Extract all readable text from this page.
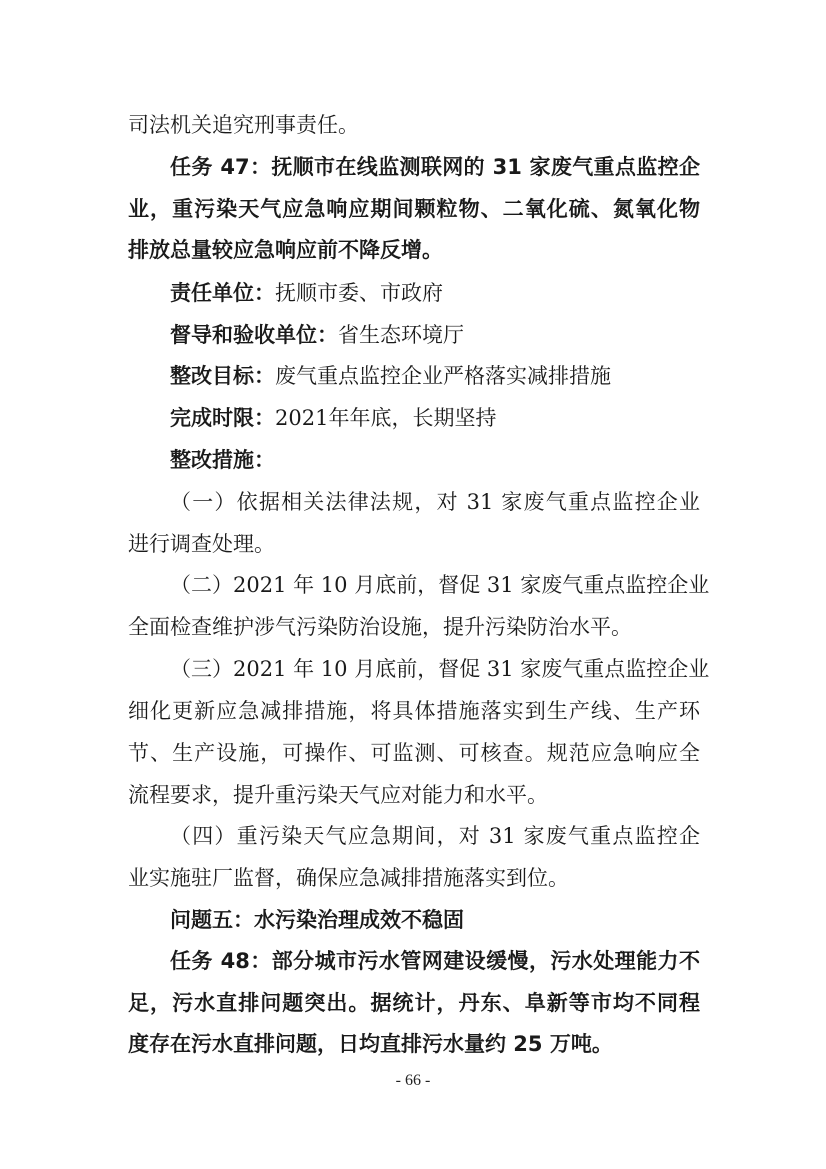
司法机关追究刑事责任。

任务 47：抚顺市在线监测联网的 31 家废气重点监控企

业，重污染天气应急响应期间颗粒物、二氧化硫、氮氧化物

排放总量较应急响应前不降反增。

责任单位：抚顺市委、市政府

督导和验收单位：省生态环境厅

整改目标：废气重点监控企业严格落实减排措施

完成时限：2021年年底，长期坚持

整改措施：

（一）依据相关法律法规，对 31 家废气重点监控企业

进行调查处理。

（二）2021 年 10 月底前，督促 31 家废气重点监控企业

全面检查维护涉气污染防治设施，提升污染防治水平。

（三）2021 年 10 月底前，督促 31 家废气重点监控企业

细化更新应急减排措施，将具体措施落实到生产线、生产环

节、生产设施，可操作、可监测、可核查。规范应急响应全

流程要求，提升重污染天气应对能力和水平。

（四）重污染天气应急期间，对 31 家废气重点监控企

业实施驻厂监督，确保应急减排措施落实到位。

问题五：水污染治理成效不稳固

任务 48：部分城市污水管网建设缓慢，污水处理能力不

足，污水直排问题突出。据统计，丹东、阜新等市均不同程

度存在污水直排问题，日均直排污水量约 25 万吨。

- 66 -
